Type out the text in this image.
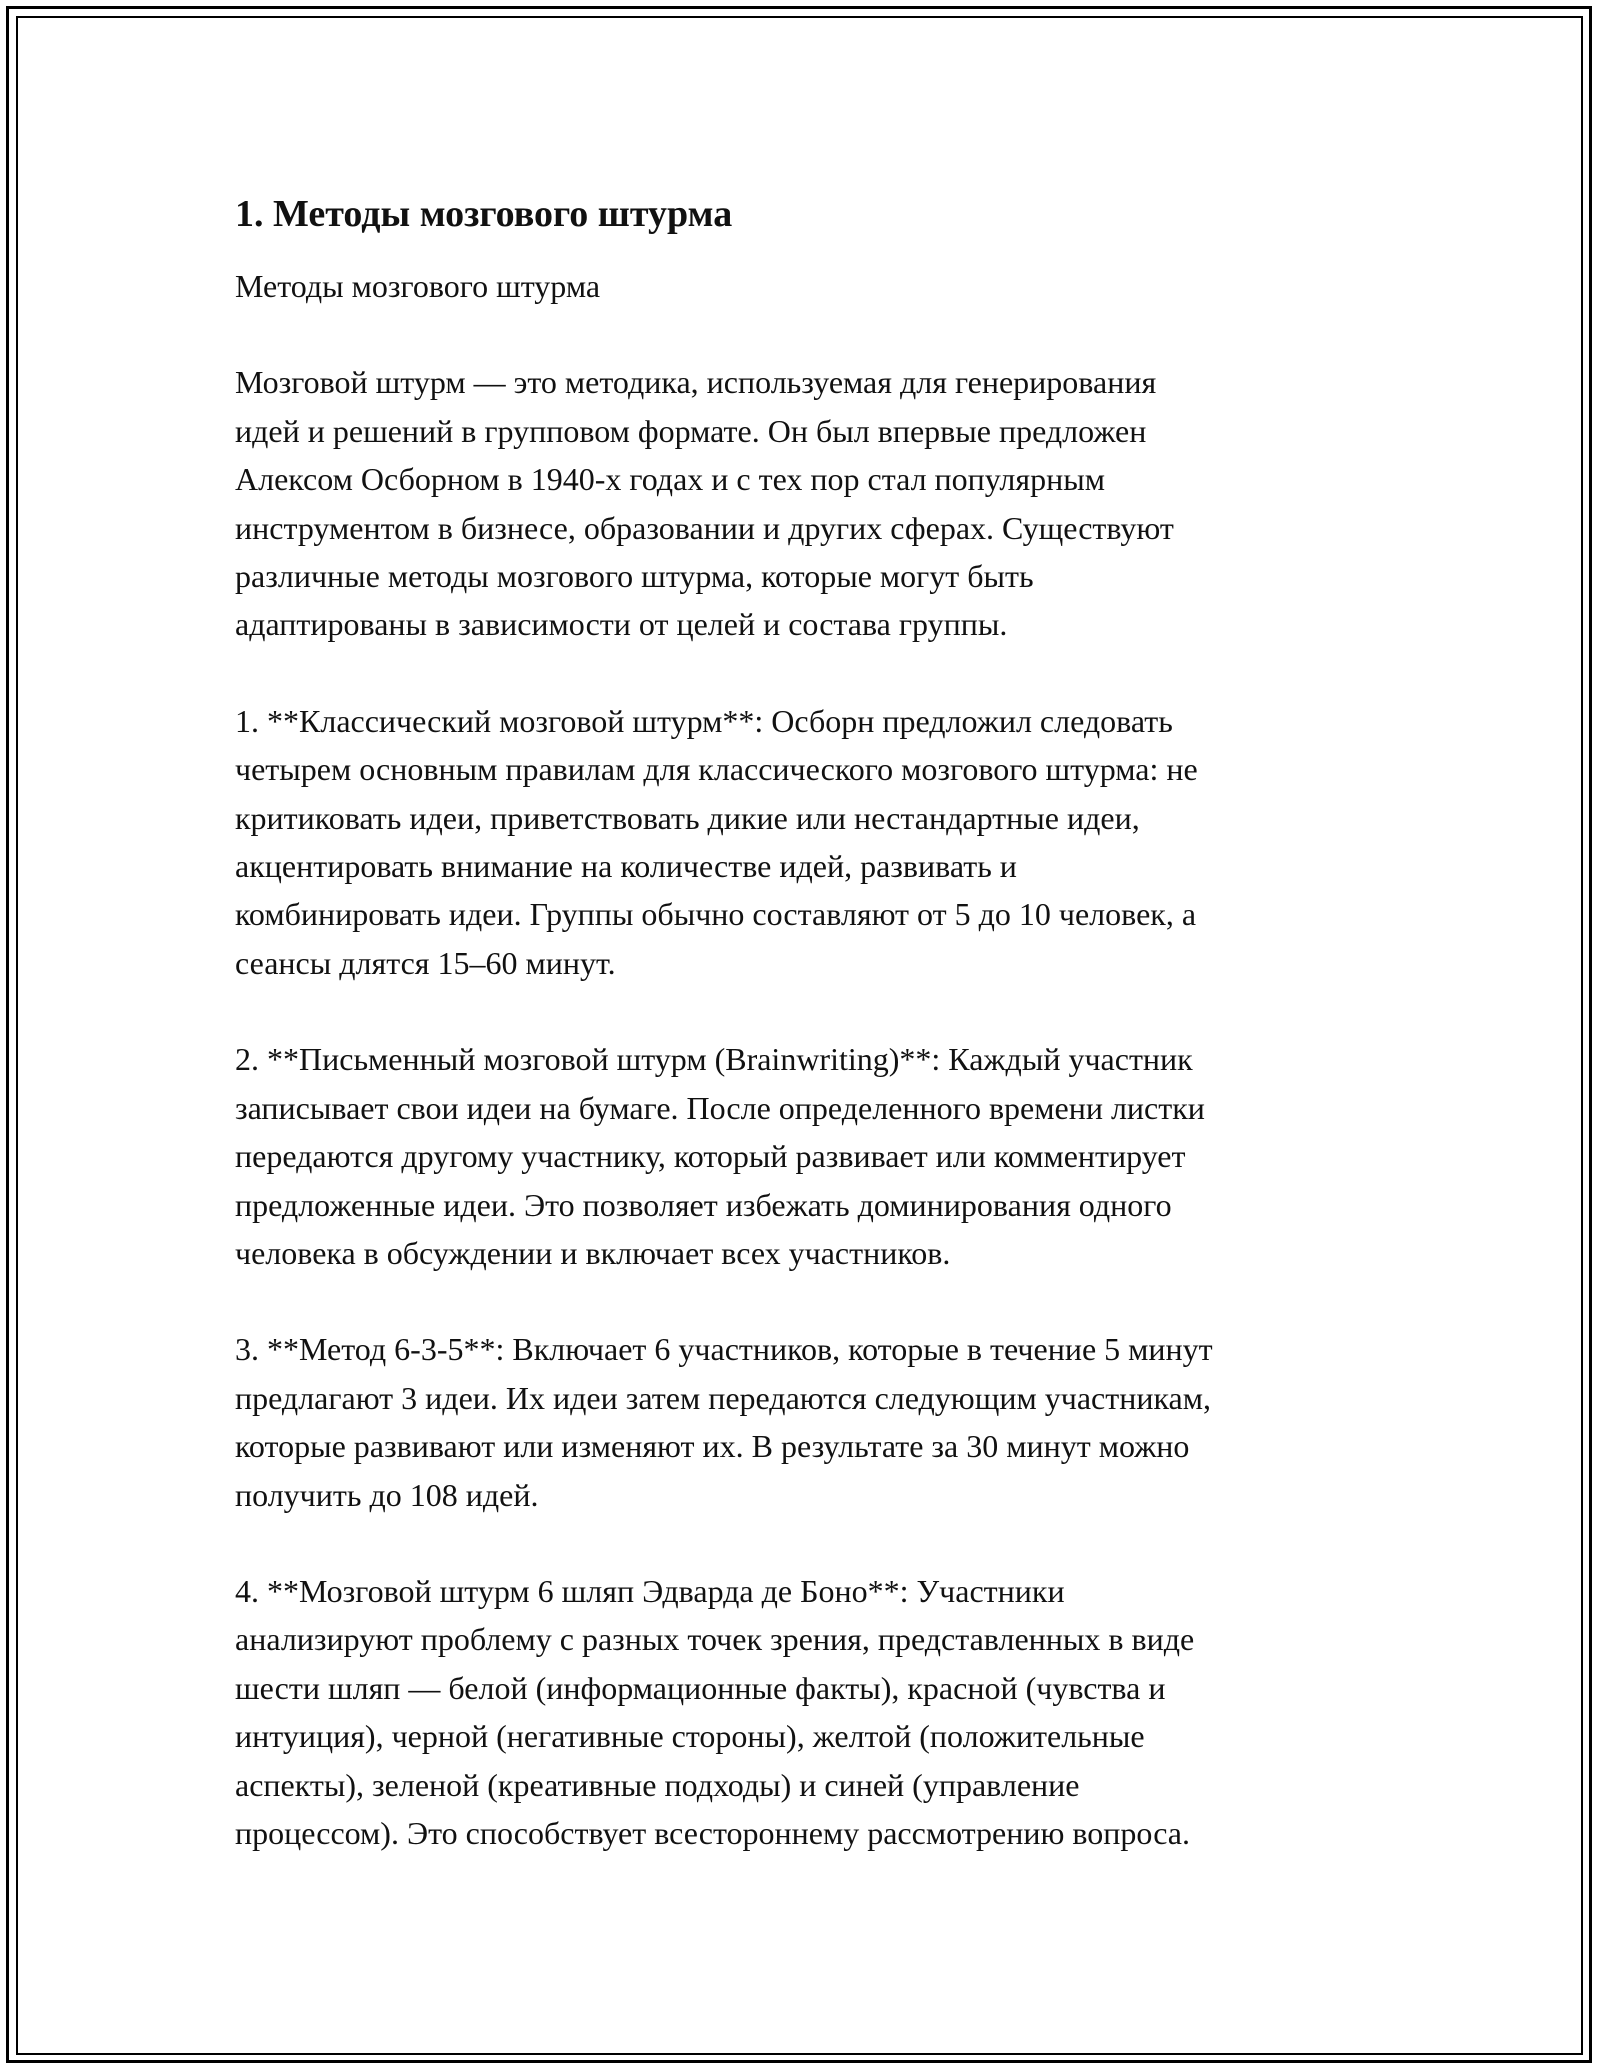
1. Методы мозгового штурма

Методы мозгового штурма

Мозговой штурм — это методика, используемая для генерирования
идей и решений в групповом формате. Он был впервые предложен
Алексом Осборном в 1940-х годах и с тех пор стал популярным
инструментом в бизнесе, образовании и других сферах. Существуют
различные методы мозгового штурма, которые могут быть
адаптированы в зависимости от целей и состава группы.

1. **Классический мозговой штурм**: Осборн предложил следовать
четырем основным правилам для классического мозгового штурма: не
критиковать идеи, приветствовать дикие или нестандартные идеи,
акцентировать внимание на количестве идей, развивать и
комбинировать идеи. Группы обычно составляют от 5 до 10 человек, а
сеансы длятся 15–60 минут.

2. **Письменный мозговой штурм (Brainwriting)**: Каждый участник
записывает свои идеи на бумаге. После определенного времени листки
передаются другому участнику, который развивает или комментирует
предложенные идеи. Это позволяет избежать доминирования одного
человека в обсуждении и включает всех участников.

3. **Метод 6-3-5**: Включает 6 участников, которые в течение 5 минут
предлагают 3 идеи. Их идеи затем передаются следующим участникам,
которые развивают или изменяют их. В результате за 30 минут можно
получить до 108 идей.

4. **Мозговой штурм 6 шляп Эдварда де Боно**: Участники
анализируют проблему с разных точек зрения, представленных в виде
шести шляп — белой (информационные факты), красной (чувства и
интуиция), черной (негативные стороны), желтой (положительные
аспекты), зеленой (креативные подходы) и синей (управление
процессом). Это способствует всестороннему рассмотрению вопроса.
